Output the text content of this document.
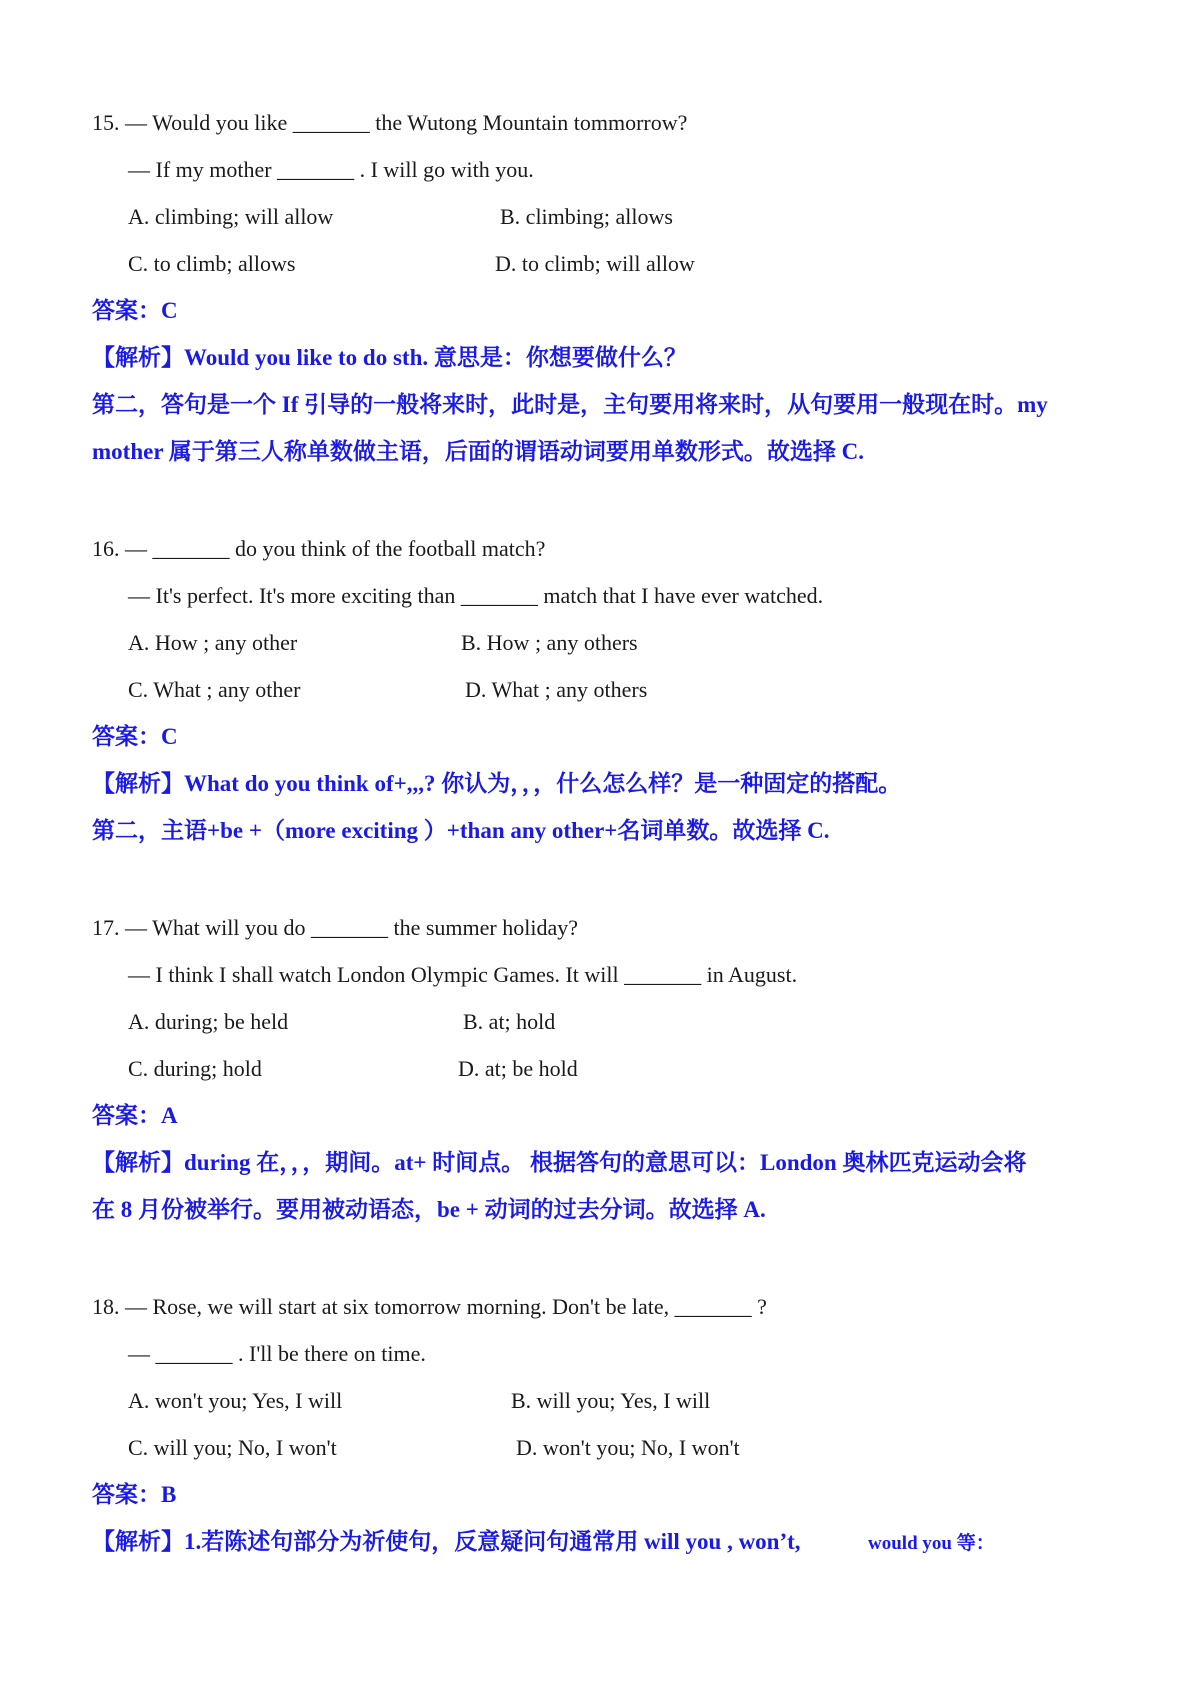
15. — Would you like _______ the Wutong Mountain tommorrow?
— If my mother _______ . I will go with you.
A. climbing; will allow	B. climbing; allows
C. to climb; allows	D. to climb; will allow
答案：C
【解析】Would you like to do sth. 意思是：你想要做什么？
第二，答句是一个 If 引导的一般将来时，此时是，主句要用将来时，从句要用一般现在时。my
mother 属于第三人称单数做主语，后面的谓语动词要用单数形式。故选择 C.
16. — _______ do you think of the football match?
— It's perfect. It's more exciting than _______ match that I have ever watched.
A. How ; any other	B. How ; any others
C. What ; any other	D. What ; any others
答案：C
【解析】What do you think of+,,,? 你认为，，，什么怎么样？是一种固定的搭配。
第二，主语+be +（more exciting ）+than any other+名词单数。故选择 C.
17. — What will you do _______ the summer holiday?
— I think I shall watch London Olympic Games. It will _______ in August.
A. during; be held	B. at; hold
C. during; hold	D. at; be hold
答案：A
【解析】during 在，，，期间。at+ 时间点。 根据答句的意思可以：London 奥林匹克运动会将
在 8 月份被举行。要用被动语态，be + 动词的过去分词。故选择 A.
18. — Rose, we will start at six tomorrow morning. Don't be late, _______ ?
— _______ . I'll be there on time.
A. won't you; Yes, I will	B. will you; Yes, I will
C. will you; No, I won't	D. won't you; No, I won't
答案：B
【解析】1.若陈述句部分为祈使句，反意疑问句通常用 will you , won’t,	would you 等：
